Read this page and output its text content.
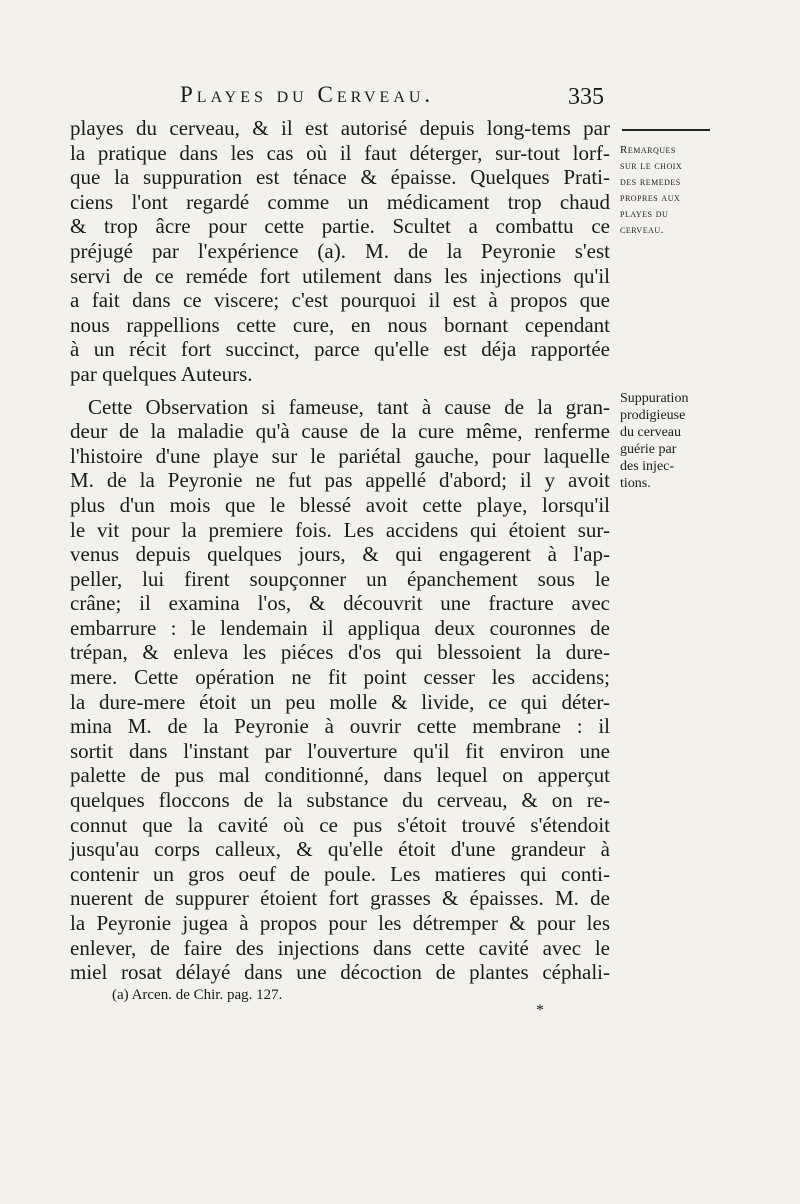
Playes du Cerveau.	335
Remarques
sur le choix
des remedes
propres aux
playes du
cerveau.
Suppuration
prodigieuse
du cerveau
guérie par
des injec-
tions.
playes du cerveau, & il est autorisé depuis long-tems par
la pratique dans les cas où il faut déterger, sur-tout lorf-
que la suppuration est ténace & épaisse. Quelques Prati-
ciens l'ont regardé comme un médicament trop chaud
& trop âcre pour cette partie. Scultet a combattu ce
préjugé par l'expérience (a). M. de la Peyronie s'est
servi de ce reméde fort utilement dans les injections qu'il
a fait dans ce viscere; c'est pourquoi il est à propos que
nous rappellions cette cure, en nous bornant cependant
à un récit fort succinct, parce qu'elle est déja rapportée
par quelques Auteurs.
Cette Observation si fameuse, tant à cause de la gran-
deur de la maladie qu'à cause de la cure même, renferme
l'histoire d'une playe sur le pariétal gauche, pour laquelle
M. de la Peyronie ne fut pas appellé d'abord; il y avoit
plus d'un mois que le blessé avoit cette playe, lorsqu'il
le vit pour la premiere fois. Les accidens qui étoient sur-
venus depuis quelques jours, & qui engagerent à l'ap-
peller, lui firent soupçonner un épanchement sous le
crâne; il examina l'os, & découvrit une fracture avec
embarrure : le lendemain il appliqua deux couronnes de
trépan, & enleva les piéces d'os qui blessoient la dure-
mere. Cette opération ne fit point cesser les accidens;
la dure-mere étoit un peu molle & livide, ce qui déter-
mina M. de la Peyronie à ouvrir cette membrane : il
sortit dans l'instant par l'ouverture qu'il fit environ une
palette de pus mal conditionné, dans lequel on apperçut
quelques floccons de la substance du cerveau, & on re-
connut que la cavité où ce pus s'étoit trouvé s'étendoit
jusqu'au corps calleux, & qu'elle étoit d'une grandeur à
contenir un gros oeuf de poule. Les matieres qui conti-
nuerent de suppurer étoient fort grasses & épaisses. M. de
la Peyronie jugea à propos pour les détremper & pour les
enlever, de faire des injections dans cette cavité avec le
miel rosat délayé dans une décoction de plantes céphali-
(a) Arcen. de Chir. pag. 127.
*
